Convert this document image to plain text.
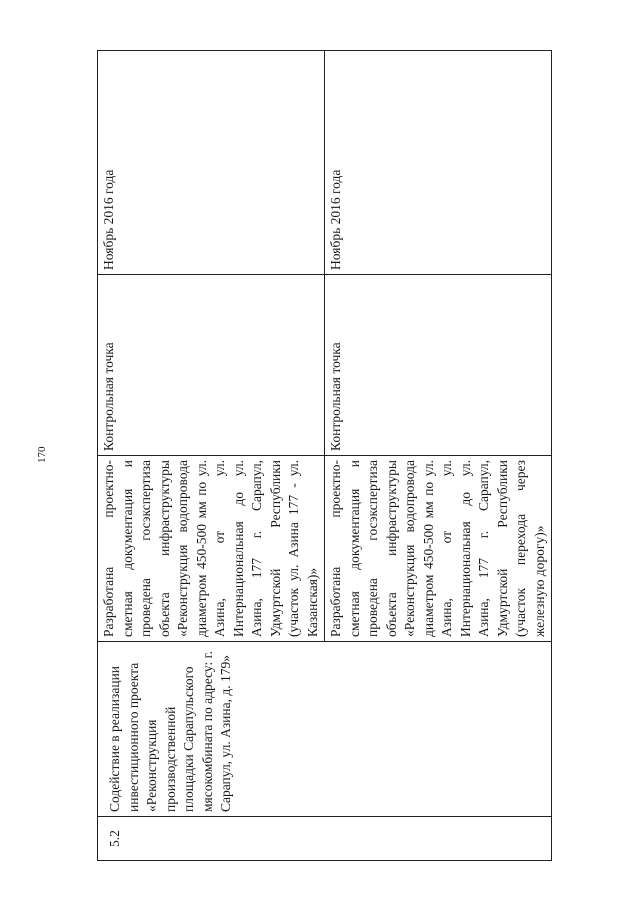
170
5.2	Содействие в реализации инвестиционного проекта «Реконструкция производственной площадки Сарапульского мясокомбината по адресу: г. Сарапул, ул. Азина, д. 179»	Разработана проектно-сметная документация и проведена госэкспертиза объекта инфраструктуры «Реконструкция водопровода диаметром 450-500 мм по ул. Азина, от ул. Интернациональная до ул. Азина, 177 г. Сарапул, Удмуртской Республики (участок ул. Азина 177 - ул. Казанская)»	Контрольная точка	Ноябрь 2016 года
		Разработана проектно-сметная документация и проведена госэкспертиза объекта инфраструктуры «Реконструкция водопровода диаметром 450-500 мм по ул. Азина, от ул. Интернациональная до ул. Азина, 177 г. Сарапул, Удмуртской Республики (участок перехода через железную дорогу)»	Контрольная точка	Ноябрь 2016 года
